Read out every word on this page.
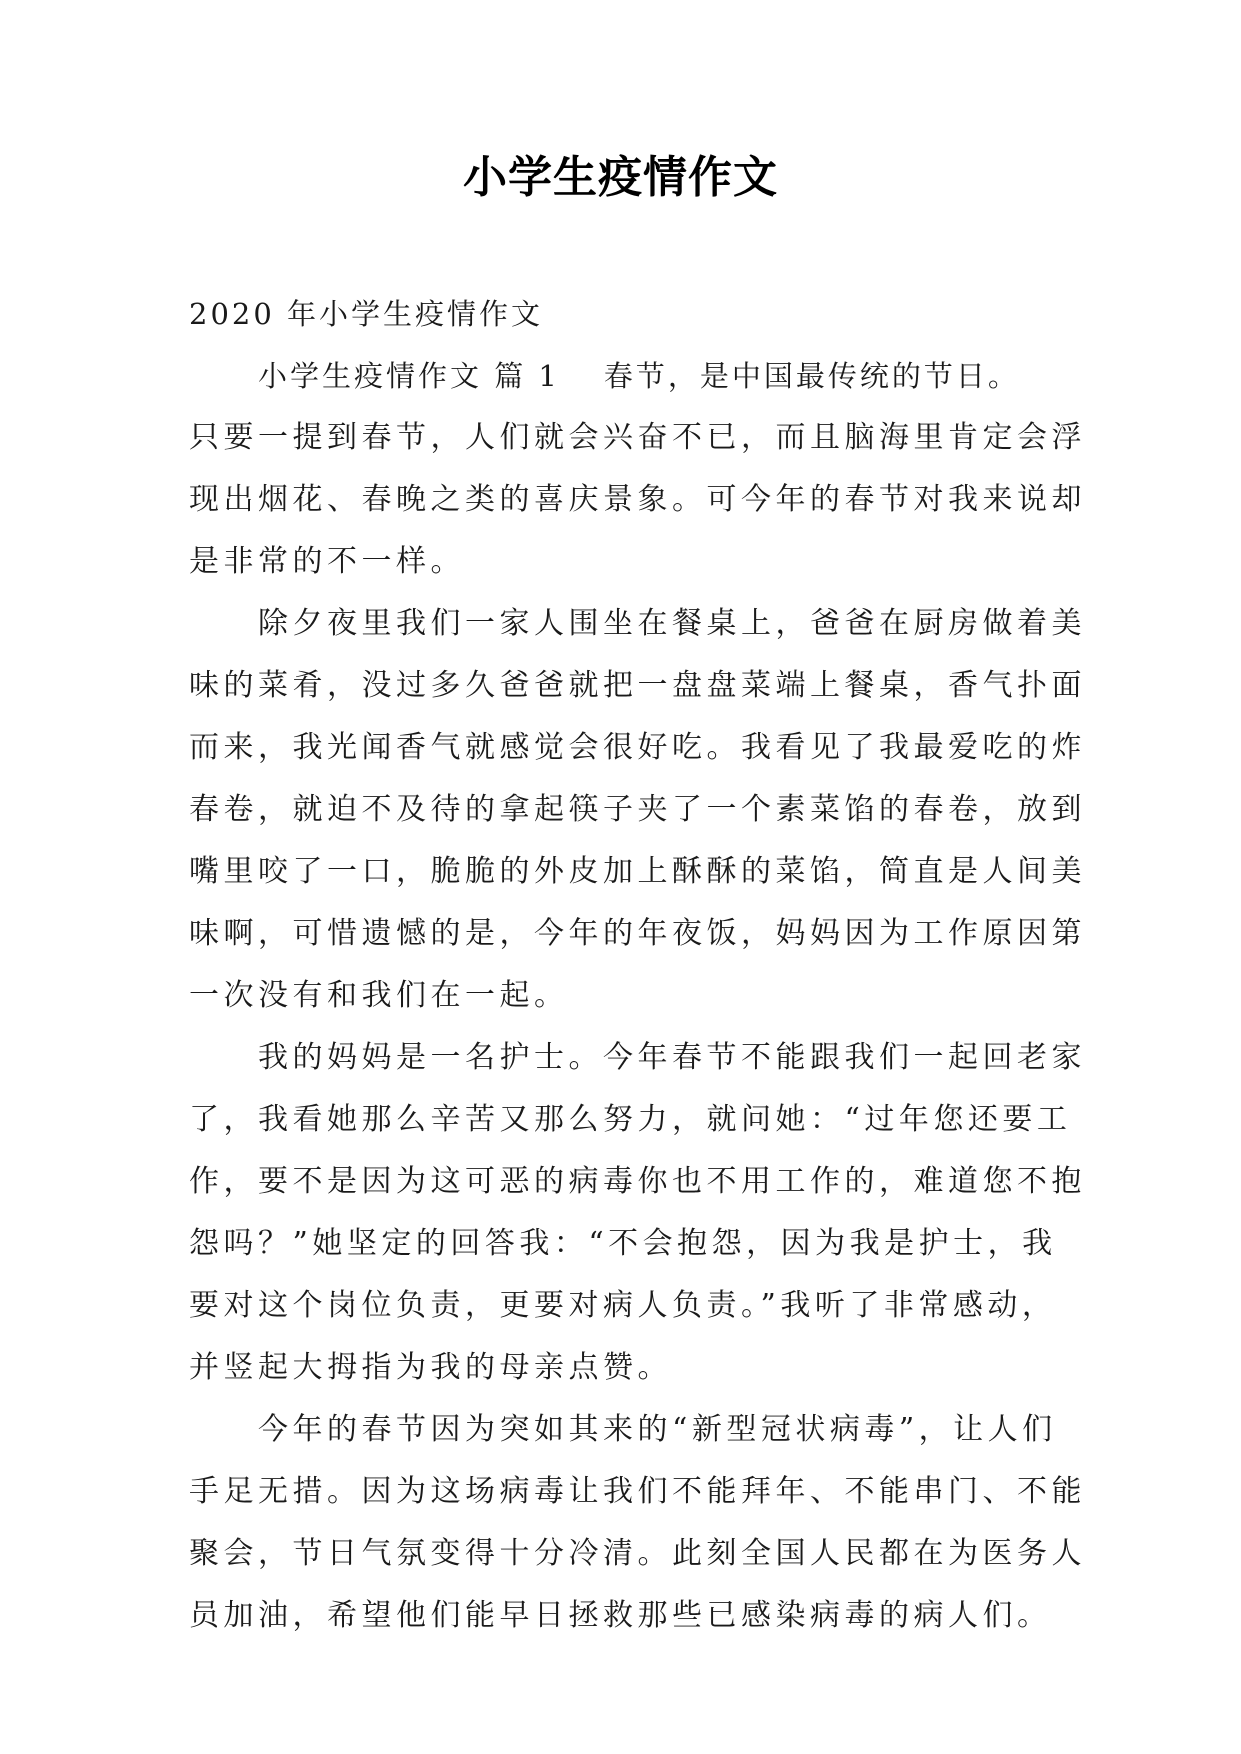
小学生疫情作文
2020 年小学生疫情作文
小学生疫情作文 篇 1 春节，是中国最传统的节日。
只要一提到春节，人们就会兴奋不已，而且脑海里肯定会浮
现出烟花、春晚之类的喜庆景象。可今年的春节对我来说却
是非常的不一样。
除夕夜里我们一家人围坐在餐桌上，爸爸在厨房做着美
味的菜肴，没过多久爸爸就把一盘盘菜端上餐桌，香气扑面
而来，我光闻香气就感觉会很好吃。我看见了我最爱吃的炸
春卷，就迫不及待的拿起筷子夹了一个素菜馅的春卷，放到
嘴里咬了一口，脆脆的外皮加上酥酥的菜馅，简直是人间美
味啊，可惜遗憾的是，今年的年夜饭，妈妈因为工作原因第
一次没有和我们在一起。
我的妈妈是一名护士。今年春节不能跟我们一起回老家
了，我看她那么辛苦又那么努力，就问她：“过年您还要工
作，要不是因为这可恶的病毒你也不用工作的，难道您不抱
怨吗？”她坚定的回答我：“不会抱怨，因为我是护士，我
要对这个岗位负责，更要对病人负责。”我听了非常感动，
并竖起大拇指为我的母亲点赞。
今年的春节因为突如其来的“新型冠状病毒”，让人们
手足无措。因为这场病毒让我们不能拜年、不能串门、不能
聚会，节日气氛变得十分冷清。此刻全国人民都在为医务人
员加油，希望他们能早日拯救那些已感染病毒的病人们。
